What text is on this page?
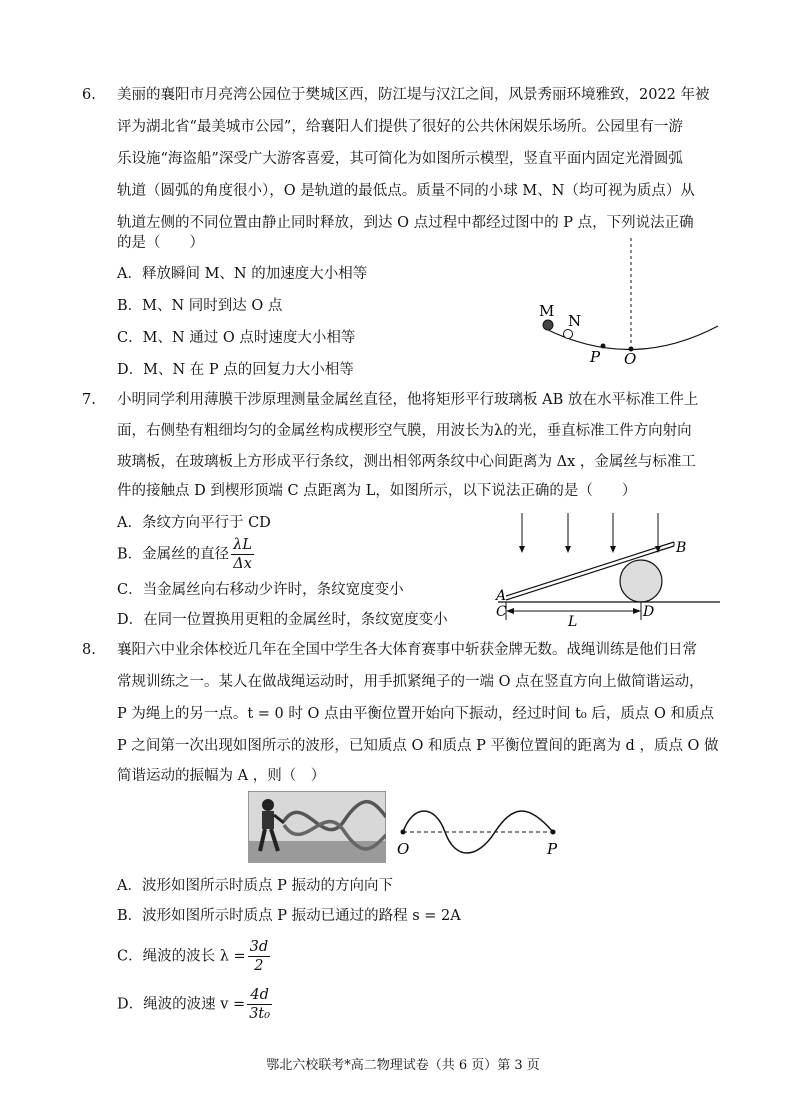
6. 美丽的襄阳市月亮湾公园位于樊城区西，防江堤与汉江之间，风景秀丽环境雅致，2022 年被
评为湖北省“最美城市公园”，给襄阳人们提供了很好的公共休闲娱乐场所。公园里有一游
乐设施“海盗船”深受广大游客喜爱，其可简化为如图所示模型，竖直平面内固定光滑圆弧
轨道（圆弧的角度很小），O 是轨道的最低点。质量不同的小球 M、N（均可视为质点）从
轨道左侧的不同位置由静止同时释放，到达 O 点过程中都经过图中的 P 点，下列说法正确
的是（　　）
A．释放瞬间 M、N 的加速度大小相等
B．M、N 同时到达 O 点
C．M、N 通过 O 点时速度大小相等
D．M、N 在 P 点的回复力大小相等
M
N
P O
7. 小明同学利用薄膜干涉原理测量金属丝直径，他将矩形平行玻璃板 AB 放在水平标准工件上
面，右侧垫有粗细均匀的金属丝构成楔形空气膜，用波长为λ的光，垂直标准工件方向射向
玻璃板，在玻璃板上方形成平行条纹，测出相邻两条纹中心间距离为 Δx ，金属丝与标准工
件的接触点 D 到楔形顶端 C 点距离为 L，如图所示，以下说法正确的是（　　）
A．条纹方向平行于 CD
B．金属丝的直径 $\frac{\lambda L}{\Delta x}$
C．当金属丝向右移动少许时，条纹宽度变小
D．在同一位置换用更粗的金属丝时，条纹宽度变小
A
B
C	D
L
8. 襄阳六中业余体校近几年在全国中学生各大体育赛事中斩获金牌无数。战绳训练是他们日常
常规训练之一。某人在做战绳运动时，用手抓紧绳子的一端 O 点在竖直方向上做简谐运动，
P 为绳上的另一点。t = 0 时 O 点由平衡位置开始向下振动，经过时间 t₀ 后，质点 O 和质点
P 之间第一次出现如图所示的波形，已知质点 O 和质点 P 平衡位置间的距离为 d ，质点 O 做
简谐运动的振幅为 A ，则（　）
O	P
A．波形如图所示时质点 P 振动的方向向下
B．波形如图所示时质点 P 振动已通过的路程 s = 2A
C．绳波的波长 $\lambda = \frac{3d}{2}$
D．绳波的波速 $v = \frac{4d}{\text{3t₀}}$
鄂北六校联考*高二物理试卷（共 6 页）第 3 页
